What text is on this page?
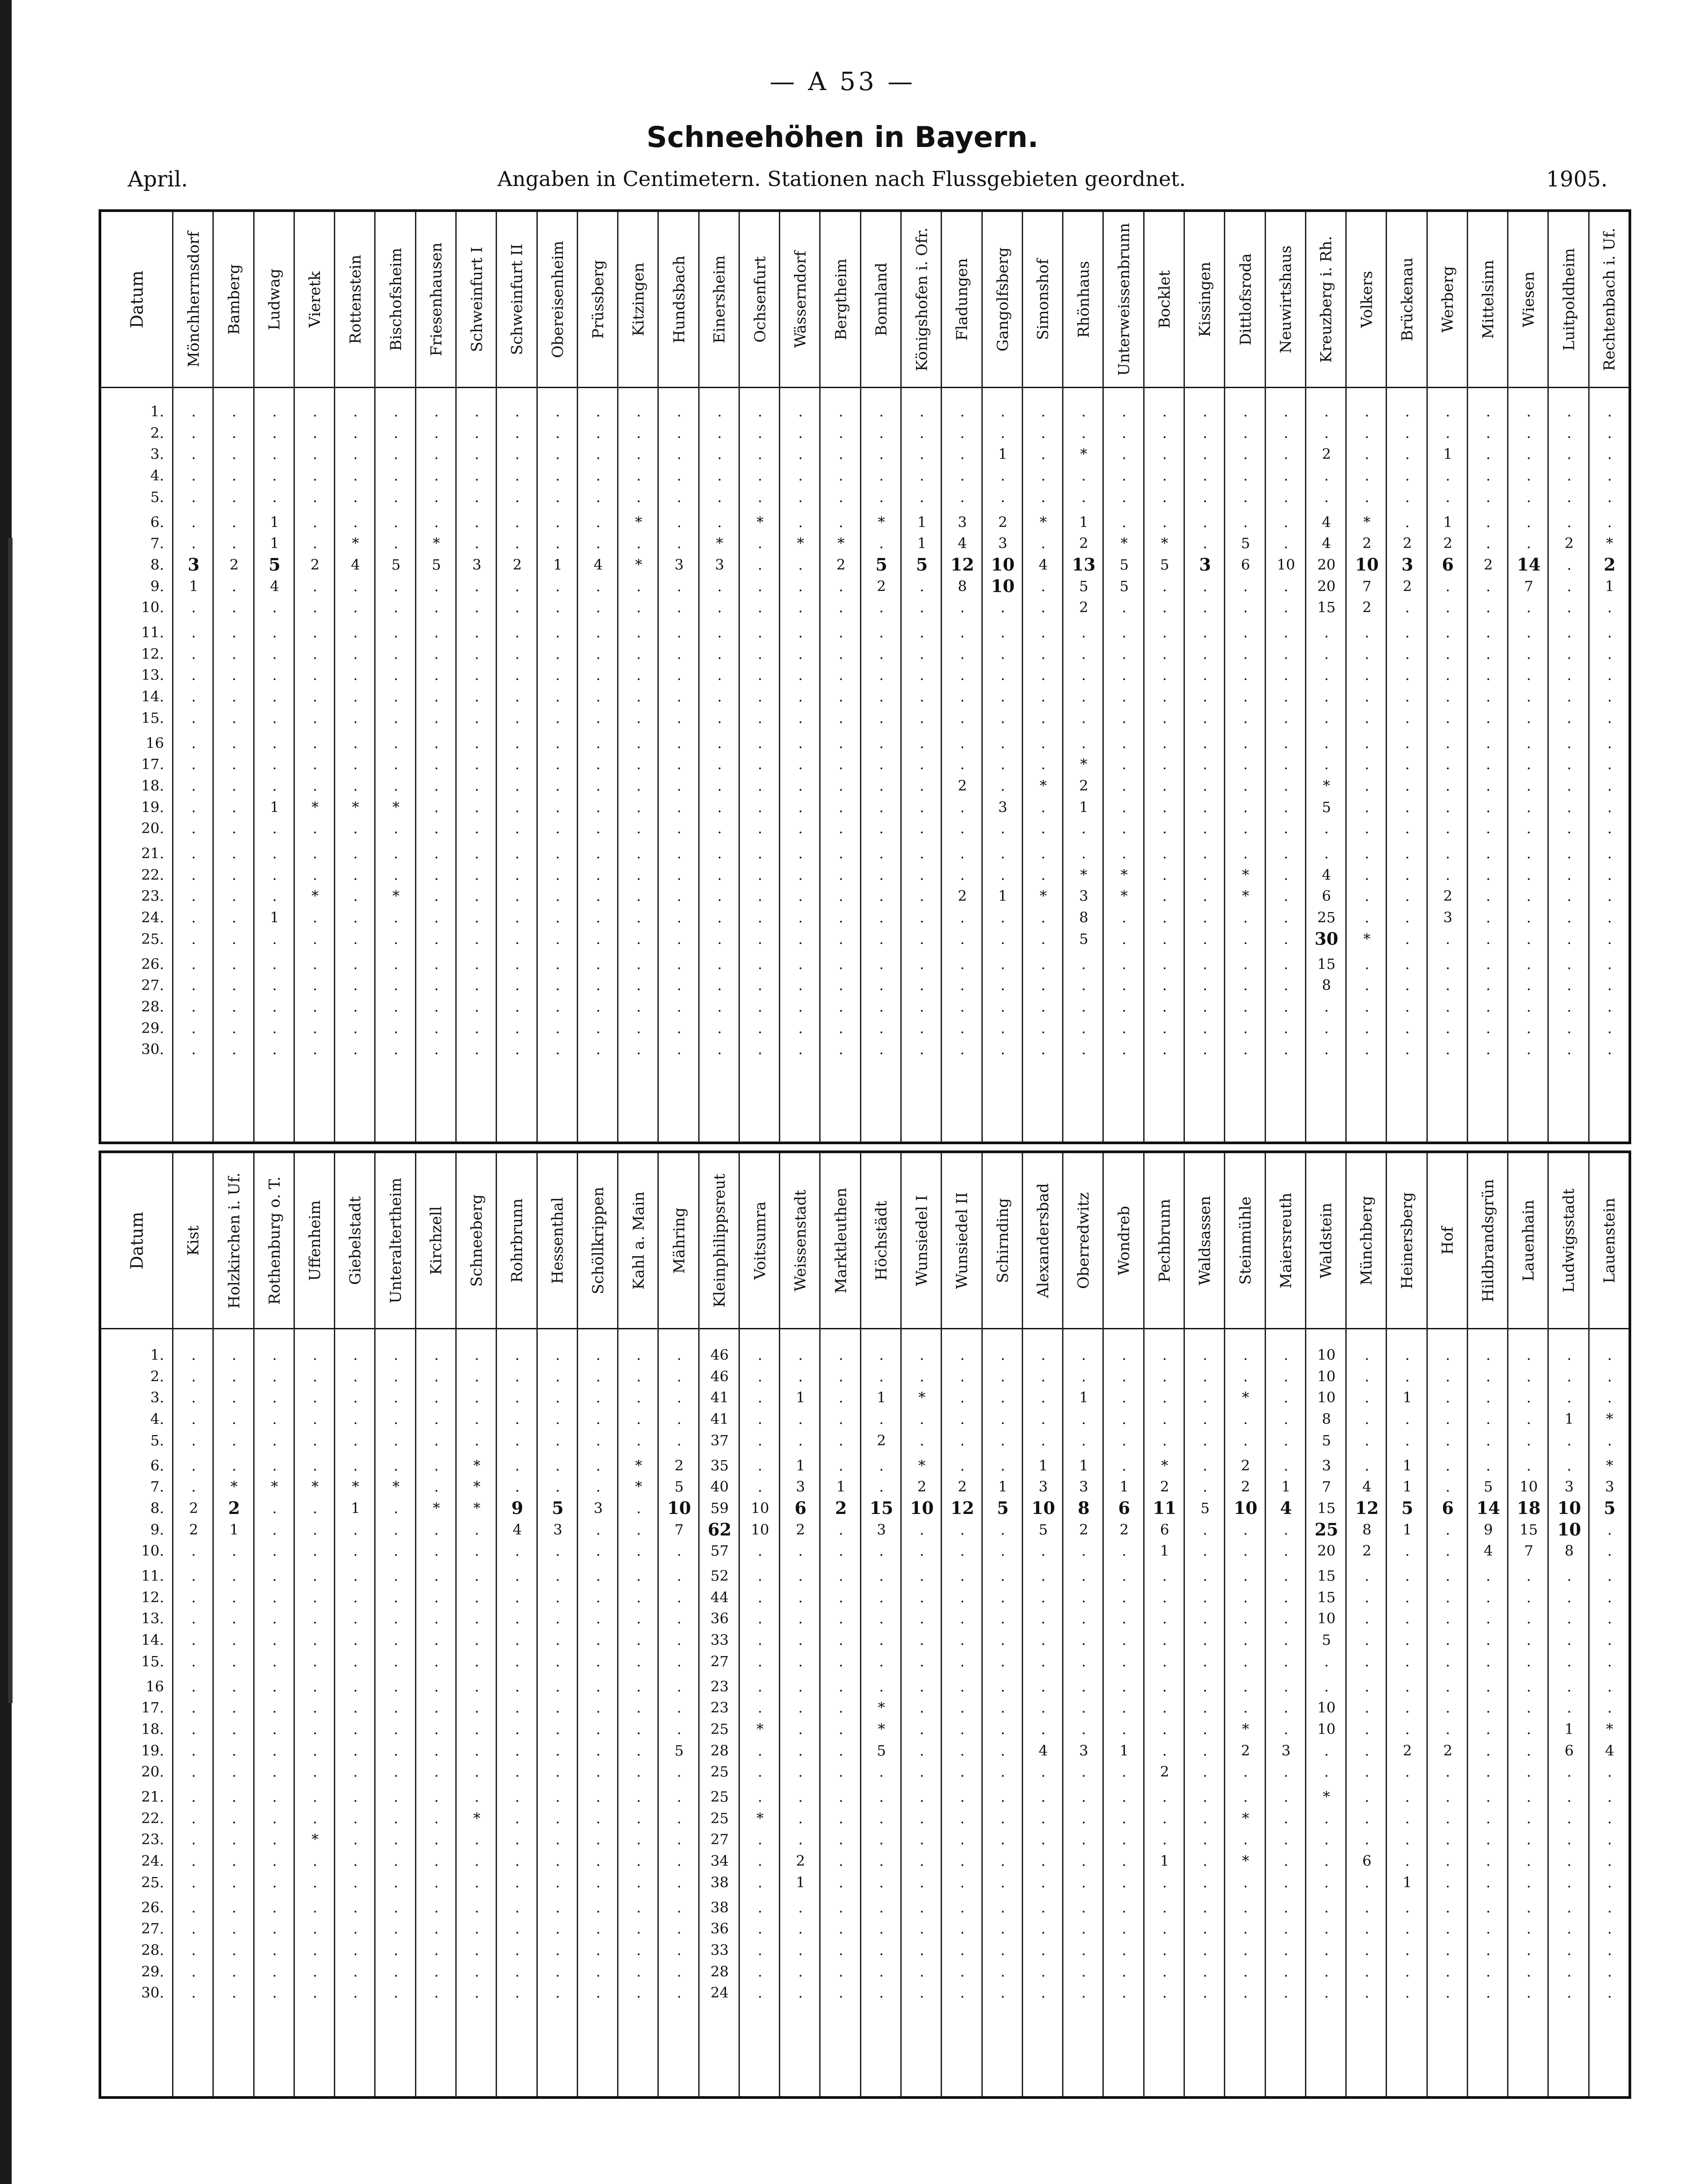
— A 53 —
Schneehöhen in Bayern.
April.	Angaben in Centimetern. Stationen nach Flussgebieten geordnet.	1905.
Datum
1.
2.
3.
4.
5.
6.
7.
8.
9.
10.
11.
12.
13.
14.
15.
16
17.
18.
19.
20.
21.
22.
23.
24.
25.
26.
27.
28.
29.
30.
Mönchherrnsdorf
.
.
.
.
.
.
.
3
1
.
.
.
.
.
.
.
.
.
.
.
.
.
.
.
.
.
.
.
.
.
Bamberg
.
.
.
.
.
.
.
2
.
.
.
.
.
.
.
.
.
.
.
.
.
.
.
.
.
.
.
.
.
.
Ludwag
.
.
.
.
.
1
1
5
4
.
.
.
.
.
.
.
.
.
1
.
.
.
.
1
.
.
.
.
.
.
Vieretk
.
.
.
.
.
.
.
2
.
.
.
.
.
.
.
.
.
.
*
.
.
.
*
.
.
.
.
.
.
.
Rottenstein
.
.
.
.
.
.
*
4
.
.
.
.
.
.
.
.
.
.
*
.
.
.
.
.
.
.
.
.
.
.
Bischofsheim
.
.
.
.
.
.
.
5
.
.
.
.
.
.
.
.
.
.
*
.
.
.
*
.
.
.
.
.
.
.
Friesenhausen
.
.
.
.
.
.
*
5
.
.
.
.
.
.
.
.
.
.
.
.
.
.
.
.
.
.
.
.
.
.
Schweinfurt I
.
.
.
.
.
.
.
3
.
.
.
.
.
.
.
.
.
.
.
.
.
.
.
.
.
.
.
.
.
.
Schweinfurt II
.
.
.
.
.
.
.
2
.
.
.
.
.
.
.
.
.
.
.
.
.
.
.
.
.
.
.
.
.
.
Obereisenheim
.
.
.
.
.
.
.
1
.
.
.
.
.
.
.
.
.
.
.
.
.
.
.
.
.
.
.
.
.
.
Prüssberg
.
.
.
.
.
.
.
4
.
.
.
.
.
.
.
.
.
.
.
.
.
.
.
.
.
.
.
.
.
.
Kitzingen
.
.
.
.
.
*
.
*
.
.
.
.
.
.
.
.
.
.
.
.
.
.
.
.
.
.
.
.
.
.
Hundsbach
.
.
.
.
.
.
.
3
.
.
.
.
.
.
.
.
.
.
.
.
.
.
.
.
.
.
.
.
.
.
Einersheim
.
.
.
.
.
.
*
3
.
.
.
.
.
.
.
.
.
.
.
.
.
.
.
.
.
.
.
.
.
.
Ochsenfurt
.
.
.
.
.
*
.
.
.
.
.
.
.
.
.
.
.
.
.
.
.
.
.
.
.
.
.
.
.
.
Wässerndorf
.
.
.
.
.
.
*
.
.
.
.
.
.
.
.
.
.
.
.
.
.
.
.
.
.
.
.
.
.
.
Bergtheim
.
.
.
.
.
.
*
2
.
.
.
.
.
.
.
.
.
.
.
.
.
.
.
.
.
.
.
.
.
.
Bonnland
.
.
.
.
.
*
.
5
2
.
.
.
.
.
.
.
.
.
.
.
.
.
.
.
.
.
.
.
.
.
Königshofen i. Ofr.
.
.
.
.
.
1
1
5
.
.
.
.
.
.
.
.
.
.
.
.
.
.
.
.
.
.
.
.
.
.
Fladungen
.
.
.
.
.
3
4
12
8
.
.
.
.
.
.
.
.
2
.
.
.
.
2
.
.
.
.
.
.
.
Gangolfsberg
.
.
1
.
.
2
3
10
10
.
.
.
.
.
.
.
.
.
3
.
.
.
1
.
.
.
.
.
.
.
Simonshof
.
.
.
.
.
*
.
4
.
.
.
.
.
.
.
.
.
*
.
.
.
.
*
.
.
.
.
.
.
.
Rhönhaus
.
.
*
.
.
1
2
13
5
2
.
.
.
.
.
.
*
2
1
.
.
*
3
8
5
.
.
.
.
.
Unterweissenbrunn
.
.
.
.
.
.
*
5
5
.
.
.
.
.
.
.
.
.
.
.
.
*
*
.
.
.
.
.
.
.
Bocklet
.
.
.
.
.
.
*
5
.
.
.
.
.
.
.
.
.
.
.
.
.
.
.
.
.
.
.
.
.
.
Kissingen
.
.
.
.
.
.
.
3
.
.
.
.
.
.
.
.
.
.
.
.
.
.
.
.
.
.
.
.
.
.
Dittlofsroda
.
.
.
.
.
.
5
6
.
.
.
.
.
.
.
.
.
.
.
.
.
*
*
.
.
.
.
.
.
.
Neuwirtshaus
.
.
.
.
.
.
.
10
.
.
.
.
.
.
.
.
.
.
.
.
.
.
.
.
.
.
.
.
.
.
Kreuzberg i. Rh.
.
.
2
.
.
4
4
20
20
15
.
.
.
.
.
.
.
*
5
.
.
4
6
25
30
15
8
.
.
.
Volkers
.
.
.
.
.
*
2
10
7
2
.
.
.
.
.
.
.
.
.
.
.
.
.
.
*
.
.
.
.
.
Brückenau
.
.
.
.
.
.
2
3
2
.
.
.
.
.
.
.
.
.
.
.
.
.
.
.
.
.
.
.
.
.
Werberg
.
.
1
.
.
1
2
6
.
.
.
.
.
.
.
.
.
.
.
.
.
.
2
3
.
.
.
.
.
.
Mittelsinn
.
.
.
.
.
.
.
2
.
.
.
.
.
.
.
.
.
.
.
.
.
.
.
.
.
.
.
.
.
.
Wiesen
.
.
.
.
.
.
.
14
7
.
.
.
.
.
.
.
.
.
.
.
.
.
.
.
.
.
.
.
.
.
Luitpoldheim
.
.
.
.
.
.
2
.
.
.
.
.
.
.
.
.
.
.
.
.
.
.
.
.
.
.
.
.
.
.
Rechtenbach i. Uf.
.
.
.
.
.
.
*
2
1
.
.
.
.
.
.
.
.
.
.
.
.
.
.
.
.
.
.
.
.
.
Datum
1.
2.
3.
4.
5.
6.
7.
8.
9.
10.
11.
12.
13.
14.
15.
16
17.
18.
19.
20.
21.
22.
23.
24.
25.
26.
27.
28.
29.
30.
Kist
.
.
.
.
.
.
.
2
2
.
.
.
.
.
.
.
.
.
.
.
.
.
.
.
.
.
.
.
.
.
Holzkirchen i. Uf.
.
.
.
.
.
.
*
2
1
.
.
.
.
.
.
.
.
.
.
.
.
.
.
.
.
.
.
.
.
.
Rothenburg o. T.
.
.
.
.
.
.
*
.
.
.
.
.
.
.
.
.
.
.
.
.
.
.
.
.
.
.
.
.
.
.
Uffenheim
.
.
.
.
.
.
*
.
.
.
.
.
.
.
.
.
.
.
.
.
.
.
*
.
.
.
.
.
.
.
Giebelstadt
.
.
.
.
.
.
*
1
.
.
.
.
.
.
.
.
.
.
.
.
.
.
.
.
.
.
.
.
.
.
Unteraltertheim
.
.
.
.
.
.
*
.
.
.
.
.
.
.
.
.
.
.
.
.
.
.
.
.
.
.
.
.
.
.
Kirchzell
.
.
.
.
.
.
.
*
.
.
.
.
.
.
.
.
.
.
.
.
.
.
.
.
.
.
.
.
.
.
Schneeberg
.
.
.
.
.
*
*
*
.
.
.
.
.
.
.
.
.
.
.
.
.
*
.
.
.
.
.
.
.
.
Rohrbrunn
.
.
.
.
.
.
.
9
4
.
.
.
.
.
.
.
.
.
.
.
.
.
.
.
.
.
.
.
.
.
Hessenthal
.
.
.
.
.
.
.
5
3
.
.
.
.
.
.
.
.
.
.
.
.
.
.
.
.
.
.
.
.
.
Schöllkrippen
.
.
.
.
.
.
.
3
.
.
.
.
.
.
.
.
.
.
.
.
.
.
.
.
.
.
.
.
.
.
Kahl a. Main
.
.
.
.
.
*
*
.
.
.
.
.
.
.
.
.
.
.
.
.
.
.
.
.
.
.
.
.
.
.
Mähring
.
.
.
.
.
2
5
10
7
.
.
.
.
.
.
.
.
.
5
.
.
.
.
.
.
.
.
.
.
.
Kleinphilippsreut
46
46
41
41
37
35
40
59
62
57
52
44
36
33
27
23
23
25
28
25
25
25
27
34
38
38
36
33
28
24
Voitsumra
.
.
.
.
.
.
.
10
10
.
.
.
.
.
.
.
.
*
.
.
.
*
.
.
.
.
.
.
.
.
Weissenstadt
.
.
1
.
.
1
3
6
2
.
.
.
.
.
.
.
.
.
.
.
.
.
.
2
1
.
.
.
.
.
Marktleuthen
.
.
.
.
.
.
1
2
.
.
.
.
.
.
.
.
.
.
.
.
.
.
.
.
.
.
.
.
.
.
Höchstädt
.
.
1
.
2
.
.
15
3
.
.
.
.
.
.
.
*
*
5
.
.
.
.
.
.
.
.
.
.
.
Wunsiedel I
.
.
*
.
.
*
2
10
.
.
.
.
.
.
.
.
.
.
.
.
.
.
.
.
.
.
.
.
.
.
Wunsiedel II
.
.
.
.
.
.
2
12
.
.
.
.
.
.
.
.
.
.
.
.
.
.
.
.
.
.
.
.
.
.
Schirnding
.
.
.
.
.
.
1
5
.
.
.
.
.
.
.
.
.
.
.
.
.
.
.
.
.
.
.
.
.
.
Alexandersbad
.
.
.
.
.
1
3
10
5
.
.
.
.
.
.
.
.
.
4
.
.
.
.
.
.
.
.
.
.
.
Oberredwitz
.
.
1
.
.
1
3
8
2
.
.
.
.
.
.
.
.
.
3
.
.
.
.
.
.
.
.
.
.
.
Wondreb
.
.
.
.
.
.
1
6
2
.
.
.
.
.
.
.
.
.
1
.
.
.
.
.
.
.
.
.
.
.
Pechbrunn
.
.
.
.
.
*
2
11
6
1
.
.
.
.
.
.
.
.
.
2
.
.
.
1
.
.
.
.
.
.
Waldsassen
.
.
.
.
.
.
.
5
.
.
.
.
.
.
.
.
.
.
.
.
.
.
.
.
.
.
.
.
.
.
Steinmühle
.
.
*
.
.
2
2
10
.
.
.
.
.
.
.
.
.
*
2
.
.
*
.
*
.
.
.
.
.
.
Maiersreuth
.
.
.
.
.
.
1
4
.
.
.
.
.
.
.
.
.
.
3
.
.
.
.
.
.
.
.
.
.
.
Waldstein
10
10
10
8
5
3
7
15
25
20
15
15
10
5
.
.
10
10
.
.
*
.
.
.
.
.
.
.
.
.
Münchberg
.
.
.
.
.
.
4
12
8
2
.
.
.
.
.
.
.
.
.
.
.
.
.
6
.
.
.
.
.
.
Heinersberg
.
.
1
.
.
1
1
5
1
.
.
.
.
.
.
.
.
.
2
.
.
.
.
.
1
.
.
.
.
.
Hof
.
.
.
.
.
.
.
6
.
.
.
.
.
.
.
.
.
.
2
.
.
.
.
.
.
.
.
.
.
.
Hildbrandsgrün
.
.
.
.
.
.
5
14
9
4
.
.
.
.
.
.
.
.
.
.
.
.
.
.
.
.
.
.
.
.
Lauenhain
.
.
.
.
.
.
10
18
15
7
.
.
.
.
.
.
.
.
.
.
.
.
.
.
.
.
.
.
.
.
Ludwigsstadt
.
.
.
1
.
.
3
10
10
8
.
.
.
.
.
.
.
1
6
.
.
.
.
.
.
.
.
.
.
.
Lauenstein
.
.
.
*
.
*
3
5
.
.
.
.
.
.
.
.
.
*
4
.
.
.
.
.
.
.
.
.
.
.
